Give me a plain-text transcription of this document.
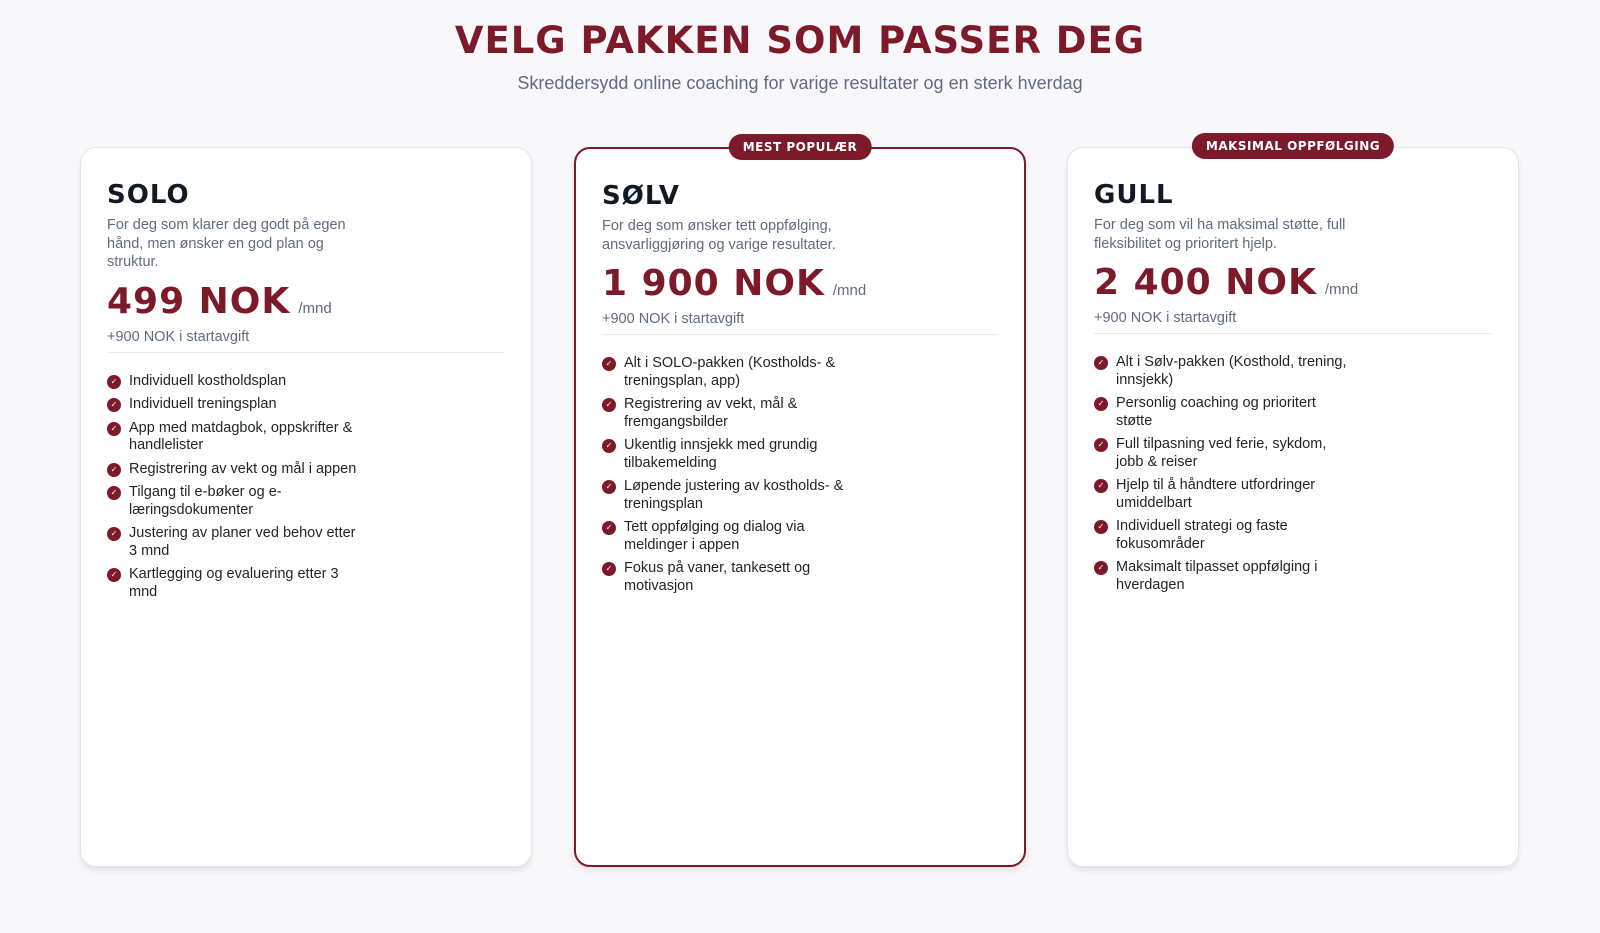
VELG PAKKEN SOM PASSER DEG

Skreddersydd online coaching for varige resultater og en sterk hverdag

SOLO

For deg som klarer deg godt på egen hånd, men ønsker en god plan og struktur.

499 NOK /mnd
+900 NOK i startavgift
✓ Individuell kostholdsplan
✓ Individuell treningsplan
✓ App med matdagbok, oppskrifter & handlelister
✓ Registrering av vekt og mål i appen
✓ Tilgang til e-bøker og e-læringsdokumenter
✓ Justering av planer ved behov etter 3 mnd
✓ Kartlegging og evaluering etter 3 mnd
MEST POPULÆR
SØLV

For deg som ønsker tett oppfølging, ansvarliggjøring og varige resultater.

1 900 NOK /mnd
+900 NOK i startavgift
✓ Alt i SOLO-pakken (Kostholds- & treningsplan, app)
✓ Registrering av vekt, mål & fremgangsbilder
✓ Ukentlig innsjekk med grundig tilbakemelding
✓ Løpende justering av kostholds- & treningsplan
✓ Tett oppfølging og dialog via meldinger i appen
✓ Fokus på vaner, tankesett og motivasjon
MAKSIMAL OPPFØLGING
GULL

For deg som vil ha maksimal støtte, full fleksibilitet og prioritert hjelp.

2 400 NOK /mnd
+900 NOK i startavgift
✓ Alt i Sølv-pakken (Kosthold, trening, innsjekk)
✓ Personlig coaching og prioritert støtte
✓ Full tilpasning ved ferie, sykdom, jobb & reiser
✓ Hjelp til å håndtere utfordringer umiddelbart
✓ Individuell strategi og faste fokusområder
✓ Maksimalt tilpasset oppfølging i hverdagen
